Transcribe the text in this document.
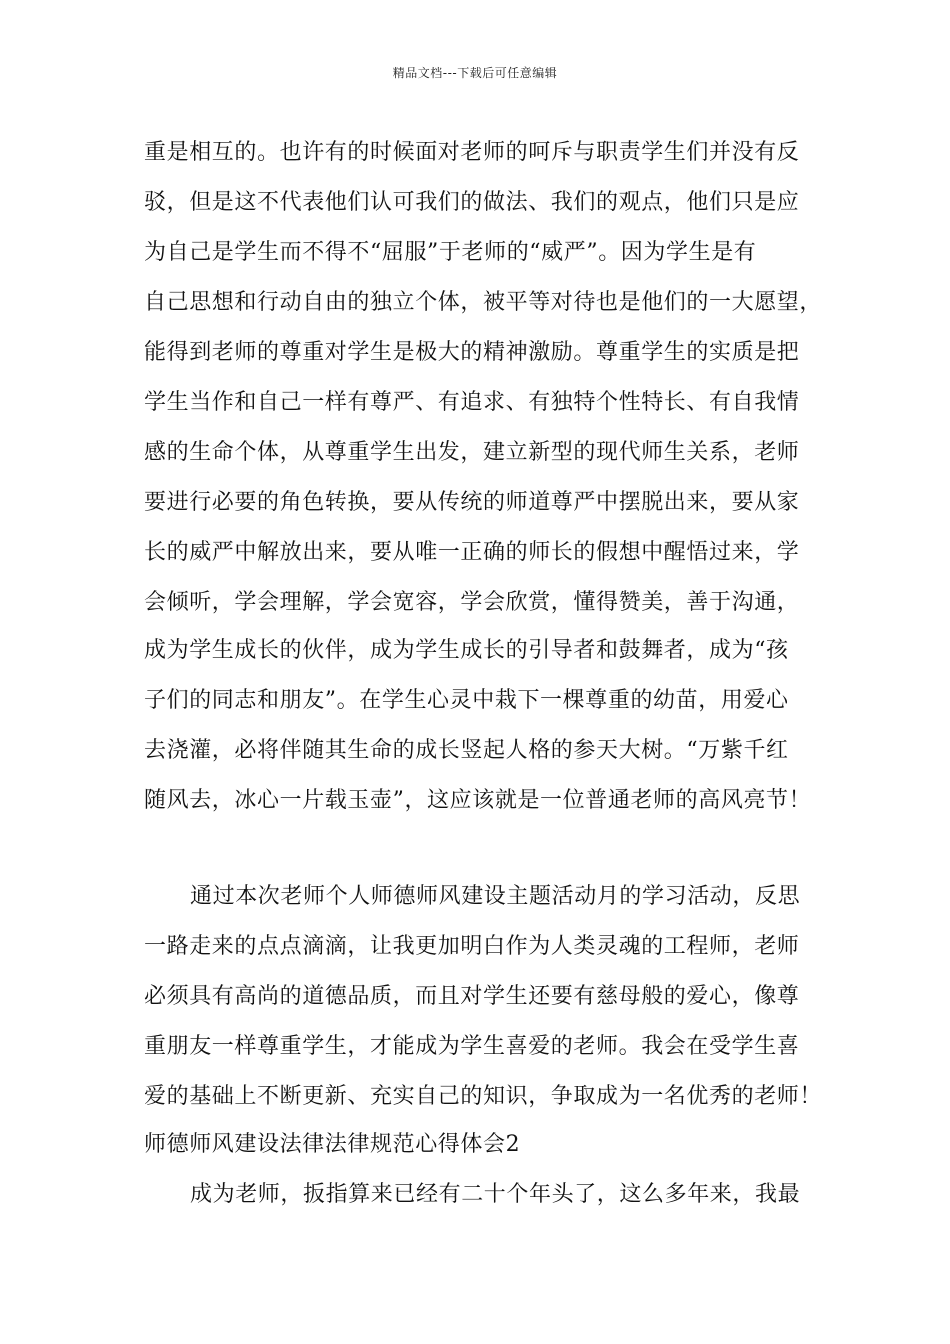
精品文档---下载后可任意编辑
重是相互的。也许有的时候面对老师的呵斥与职责学生们并没有反
驳，但是这不代表他们认可我们的做法、我们的观点，他们只是应
为自己是学生而不得不“屈服”于老师的“威严”。因为学生是有
自己思想和行动自由的独立个体，被平等对待也是他们的一大愿望，
能得到老师的尊重对学生是极大的精神激励。尊重学生的实质是把
学生当作和自己一样有尊严、有追求、有独特个性特长、有自我情
感的生命个体，从尊重学生出发，建立新型的现代师生关系，老师
要进行必要的角色转换，要从传统的师道尊严中摆脱出来，要从家
长的威严中解放出来，要从唯一正确的师长的假想中醒悟过来，学
会倾听，学会理解，学会宽容，学会欣赏，懂得赞美，善于沟通，
成为学生成长的伙伴，成为学生成长的引导者和鼓舞者，成为“孩
子们的同志和朋友”。在学生心灵中栽下一棵尊重的幼苗，用爱心
去浇灌，必将伴随其生命的成长竖起人格的参天大树。“万紫千红
随风去，冰心一片载玉壶”，这应该就是一位普通老师的高风亮节！
通过本次老师个人师德师风建设主题活动月的学习活动，反思
一路走来的点点滴滴，让我更加明白作为人类灵魂的工程师，老师
必须具有高尚的道德品质，而且对学生还要有慈母般的爱心，像尊
重朋友一样尊重学生，才能成为学生喜爱的老师。我会在受学生喜
爱的基础上不断更新、充实自己的知识，争取成为一名优秀的老师！
师德师风建设法律法律规范心得体会2
成为老师，扳指算来已经有二十个年头了，这么多年来，我最
